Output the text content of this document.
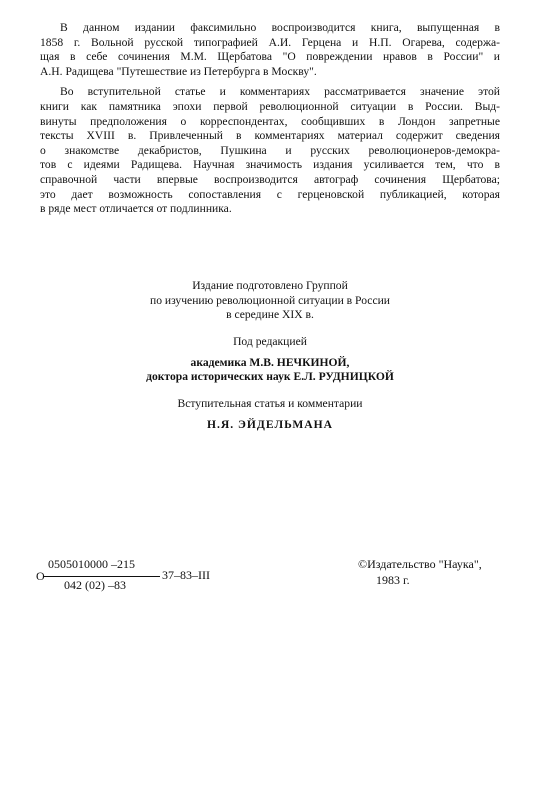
В данном издании факсимильно воспроизводится книга, выпущенная в

1858 г. Вольной русской типографией А.И. Герцена и Н.П. Огарева, содержа-

щая в себе сочинения М.М. Щербатова "О повреждении нравов в России" и

А.Н. Радищева "Путешествие из Петербурга в Москву".

Во вступительной статье и комментариях рассматривается значение этой

книги как памятника эпохи первой революционной ситуации в России. Выд-

винуты предположения о корреспондентах, сообщивших в Лондон запретные

тексты XVIII в. Привлеченный в комментариях материал содержит сведения

о знакомстве декабристов, Пушкина и русских революционеров-демокра-

тов с идеями Радищева. Научная значимость издания усиливается тем, что в

справочной части впервые воспроизводится автограф сочинения Щербатова;

это дает возможность сопоставления с герценовской публикацией, которая

в ряде мест отличается от подлинника.

Издание подготовлено Группой
по изучению революционной ситуации в России
в середине XIX в.
Под редакцией
академика М.В. НЕЧКИНОЙ,
доктора исторических наук Е.Л. РУДНИЦКОЙ
Вступительная статья и комментарии
Н.Я. ЭЙДЕЛЬМАНА
О
0505010000 –215
042 (02) –83
37–83–III
©Издательство "Наука",
1983 г.
